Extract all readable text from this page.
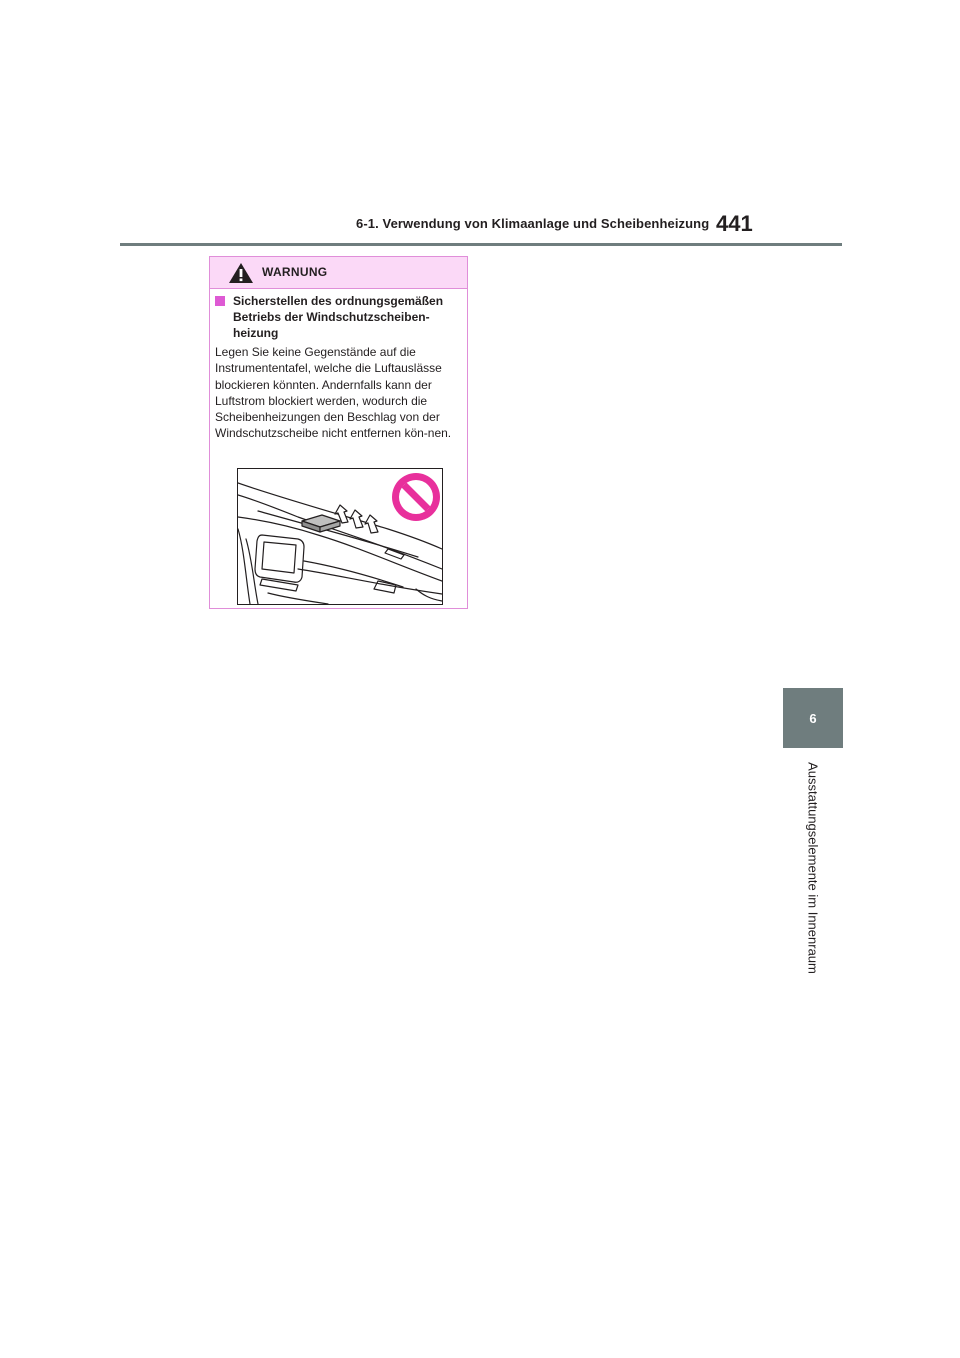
6-1. Verwendung von Klimaanlage und Scheibenheizung 441
6
Ausstattungselemente im Innenraum
WARNUNG
Sicherstellen des ordnungsgemäßen Betriebs der Windschutzscheiben-heizung
Legen Sie keine Gegenstände auf die Instrumententafel, welche die Luftauslässe blockieren könnten. Andernfalls kann der Luftstrom blockiert werden, wodurch die Scheibenheizungen den Beschlag von der Windschutzscheibe nicht entfernen kön-nen.
